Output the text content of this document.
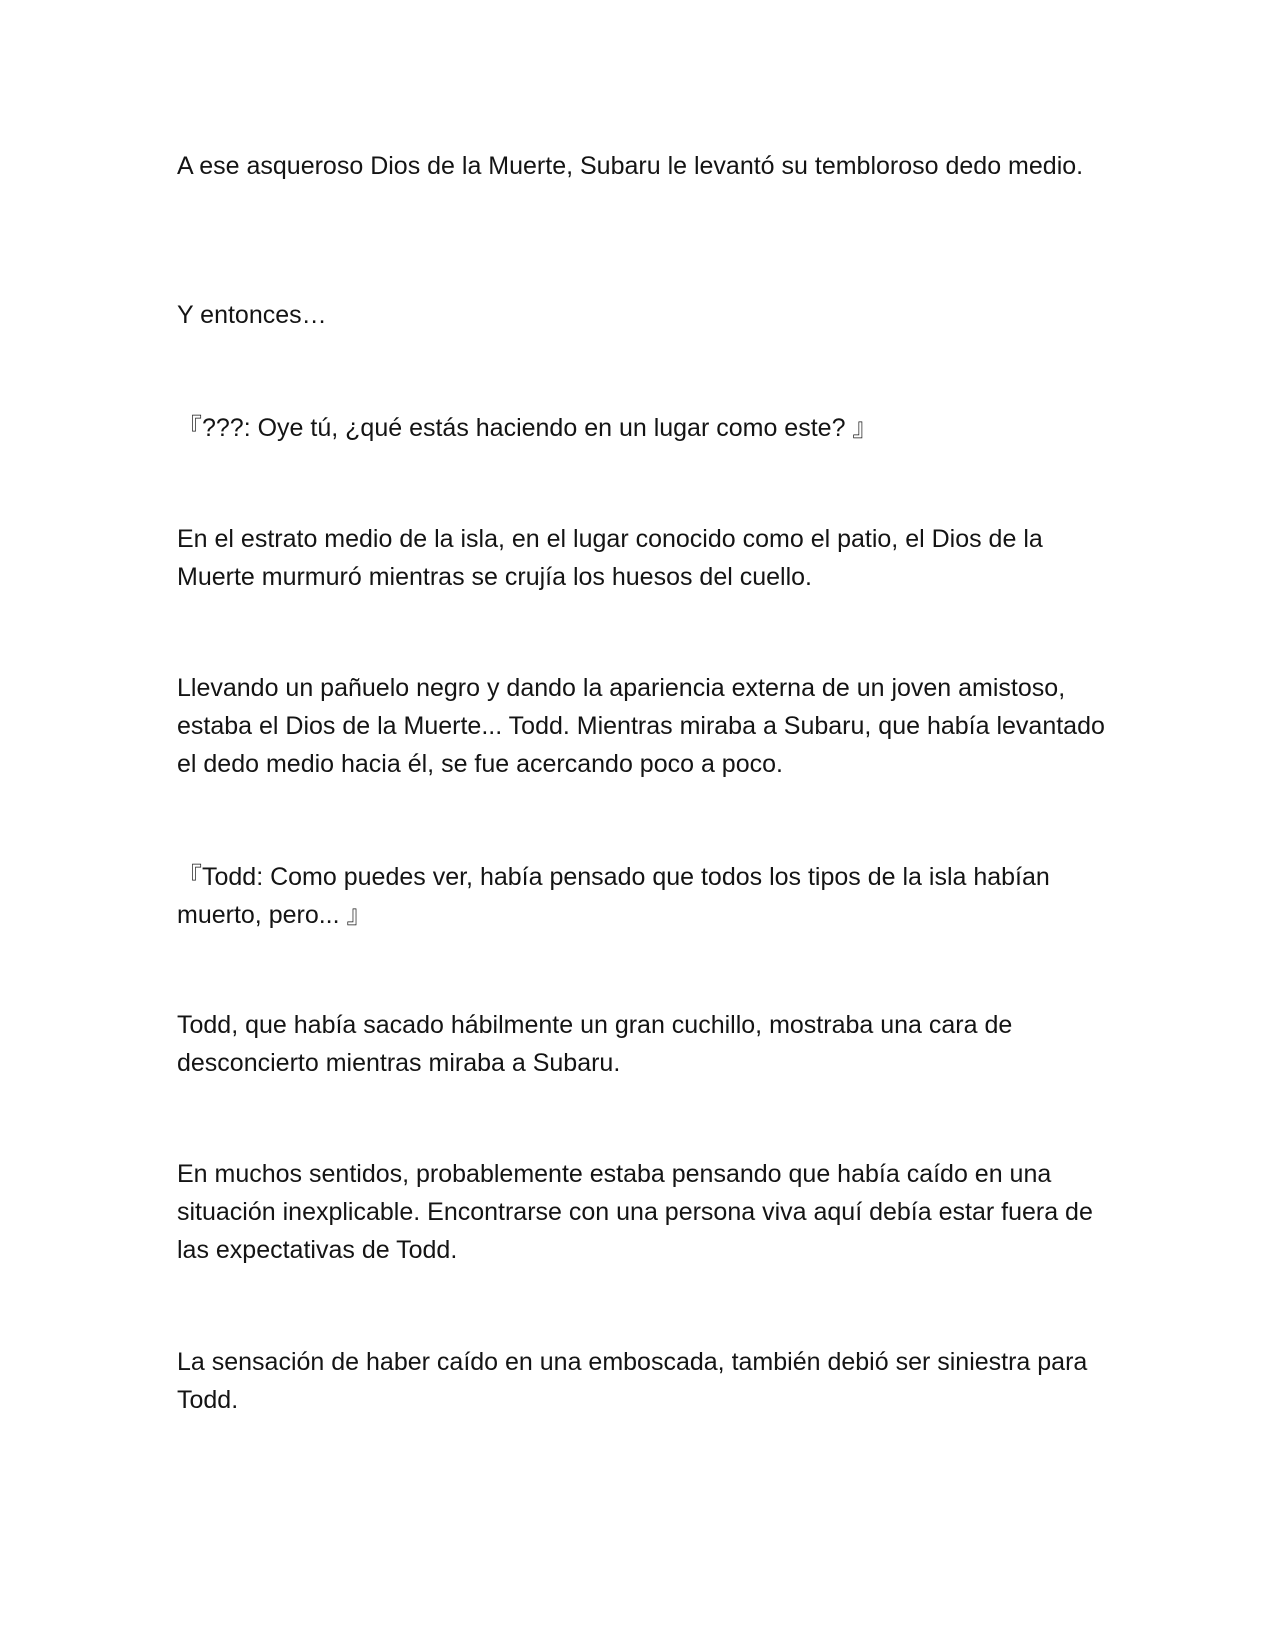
A ese asqueroso Dios de la Muerte, Subaru le levantó su tembloroso dedo medio.

Y entonces…

『???: Oye tú, ¿qué estás haciendo en un lugar como este? 』

En el estrato medio de la isla, en el lugar conocido como el patio, el Dios de la Muerte murmuró mientras se crujía los huesos del cuello.

Llevando un pañuelo negro y dando la apariencia externa de un joven amistoso, estaba el Dios de la Muerte... Todd. Mientras miraba a Subaru, que había levantado el dedo medio hacia él, se fue acercando poco a poco.

『Todd: Como puedes ver, había pensado que todos los tipos de la isla habían muerto, pero... 』

Todd, que había sacado hábilmente un gran cuchillo, mostraba una cara de desconcierto mientras miraba a Subaru.

En muchos sentidos, probablemente estaba pensando que había caído en una situación inexplicable. Encontrarse con una persona viva aquí debía estar fuera de las expectativas de Todd.

La sensación de haber caído en una emboscada, también debió ser siniestra para Todd.
